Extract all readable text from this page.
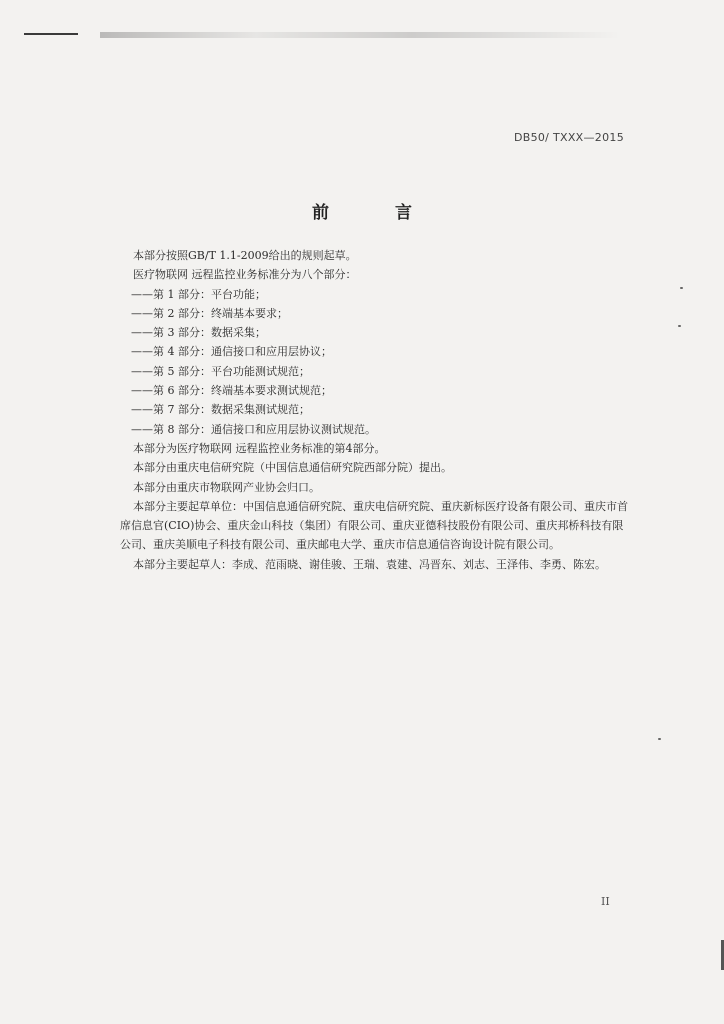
DB50/ TXXX—2015
前 言
本部分按照GB/T 1.1-2009给出的规则起草。
医疗物联网 远程监控业务标准分为八个部分：
——第 1 部分：平台功能；
——第 2 部分：终端基本要求；
——第 3 部分：数据采集；
——第 4 部分：通信接口和应用层协议；
——第 5 部分：平台功能测试规范；
——第 6 部分：终端基本要求测试规范；
——第 7 部分：数据采集测试规范；
——第 8 部分：通信接口和应用层协议测试规范。
本部分为医疗物联网 远程监控业务标准的第4部分。
本部分由重庆电信研究院（中国信息通信研究院西部分院）提出。
本部分由重庆市物联网产业协会归口。
本部分主要起草单位：中国信息通信研究院、重庆电信研究院、重庆新标医疗设备有限公司、重庆市首席信息官(CIO)协会、重庆金山科技（集团）有限公司、重庆亚德科技股份有限公司、重庆邦桥科技有限公司、重庆美顺电子科技有限公司、重庆邮电大学、重庆市信息通信咨询设计院有限公司。
本部分主要起草人：李成、范雨晓、谢佳骏、王瑞、袁建、冯晋东、刘志、王泽伟、李勇、陈宏。
II
